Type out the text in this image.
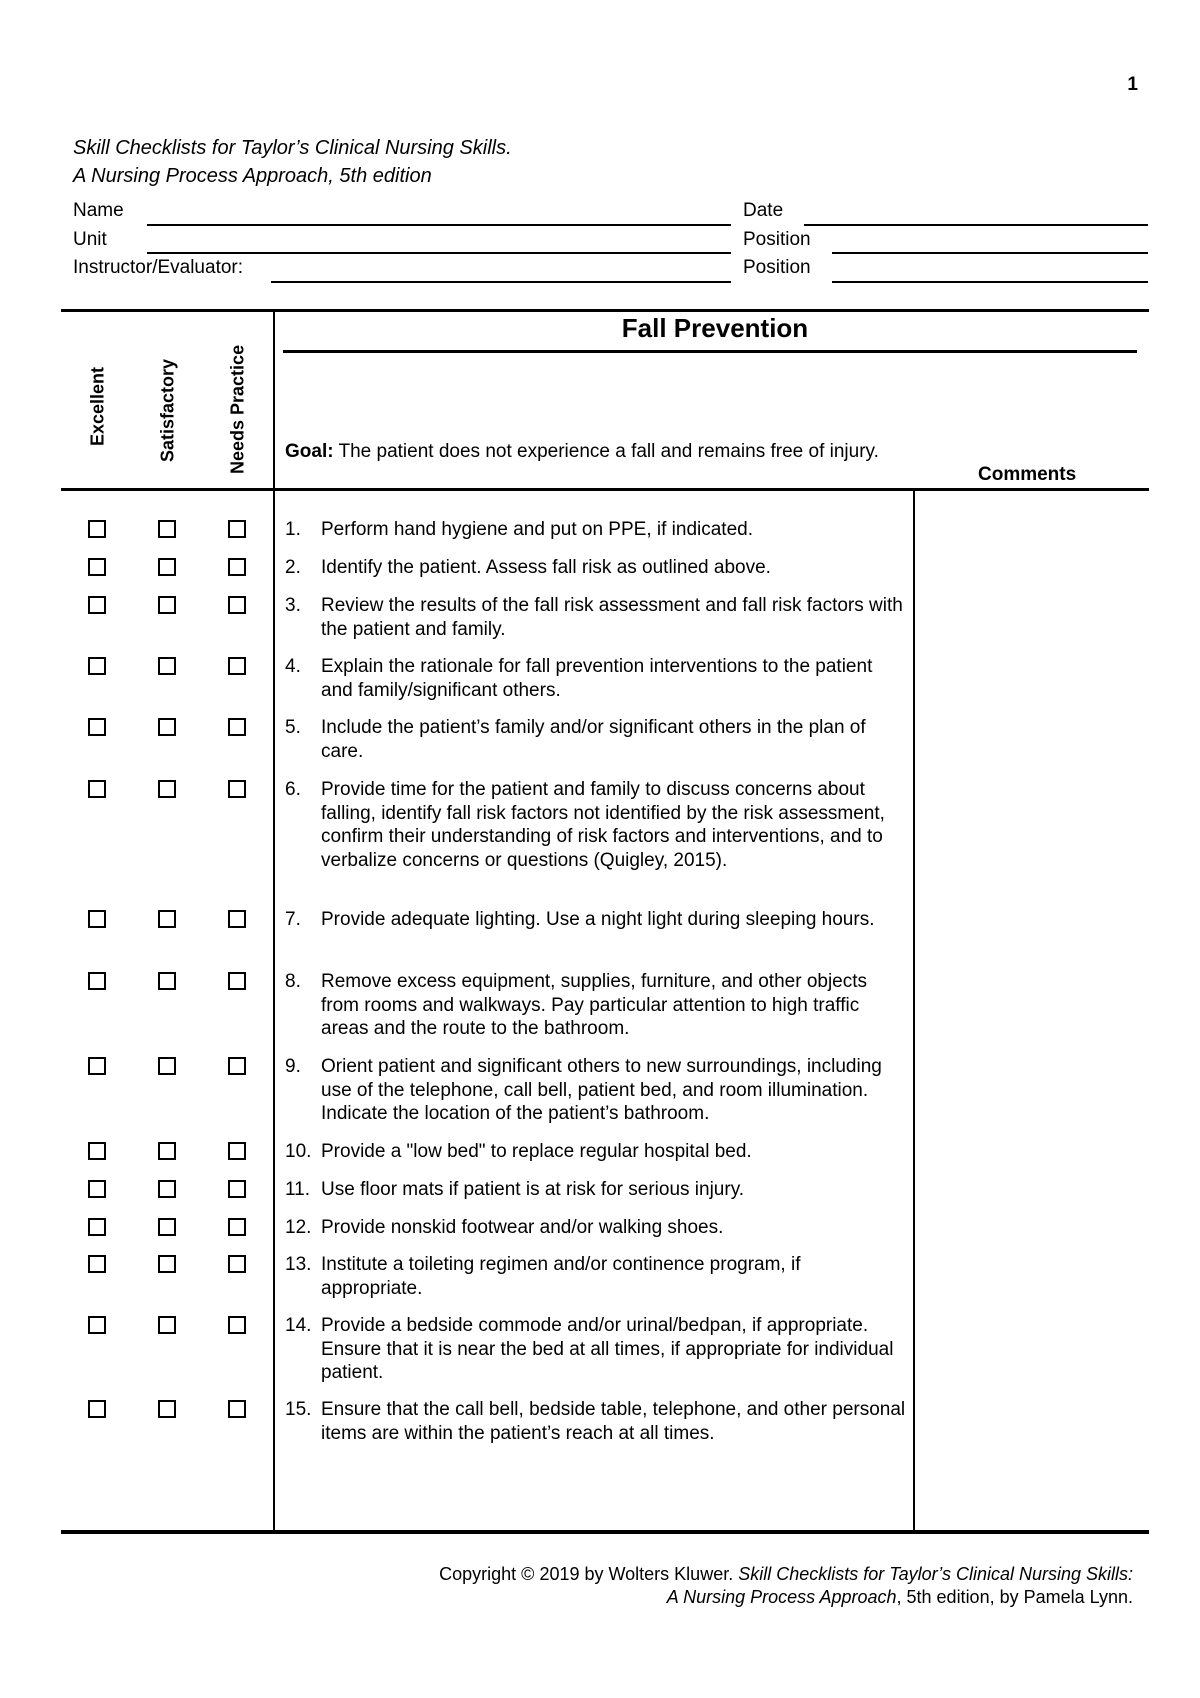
1
Skill Checklists for Taylor’s Clinical Nursing Skills.
A Nursing Process Approach, 5th edition
Name	Date
Unit	Position
Instructor/Evaluator:	Position
Excellent	Satisfactory	Needs Practice
Fall Prevention
Goal: The patient does not experience a fall and remains free of injury.
Comments
1.	Perform hand hygiene and put on PPE, if indicated.
2.	Identify the patient. Assess fall risk as outlined above.
3.	Review the results of the fall risk assessment and fall risk factors with the patient and family.
4.	Explain the rationale for fall prevention interventions to the patient and family/significant others.
5.	Include the patient’s family and/or significant others in the plan of care.
6.	Provide time for the patient and family to discuss concerns about falling, identify fall risk factors not identified by the risk assessment, confirm their understanding of risk factors and interventions, and to verbalize concerns or questions (Quigley, 2015).
7.	Provide adequate lighting. Use a night light during sleeping hours.
8.	Remove excess equipment, supplies, furniture, and other objects from rooms and walkways. Pay particular attention to high traffic areas and the route to the bathroom.
9.	Orient patient and significant others to new surroundings, including use of the telephone, call bell, patient bed, and room illumination. Indicate the location of the patient’s bathroom.
10. Provide a "low bed" to replace regular hospital bed.
11. Use floor mats if patient is at risk for serious injury.
12. Provide nonskid footwear and/or walking shoes.
13. Institute a toileting regimen and/or continence program, if appropriate.
14. Provide a bedside commode and/or urinal/bedpan, if appropriate. Ensure that it is near the bed at all times, if appropriate for individual patient.
15. Ensure that the call bell, bedside table, telephone, and other personal items are within the patient’s reach at all times.
Copyright © 2019 by Wolters Kluwer. Skill Checklists for Taylor’s Clinical Nursing Skills:
A Nursing Process Approach, 5th edition, by Pamela Lynn.
